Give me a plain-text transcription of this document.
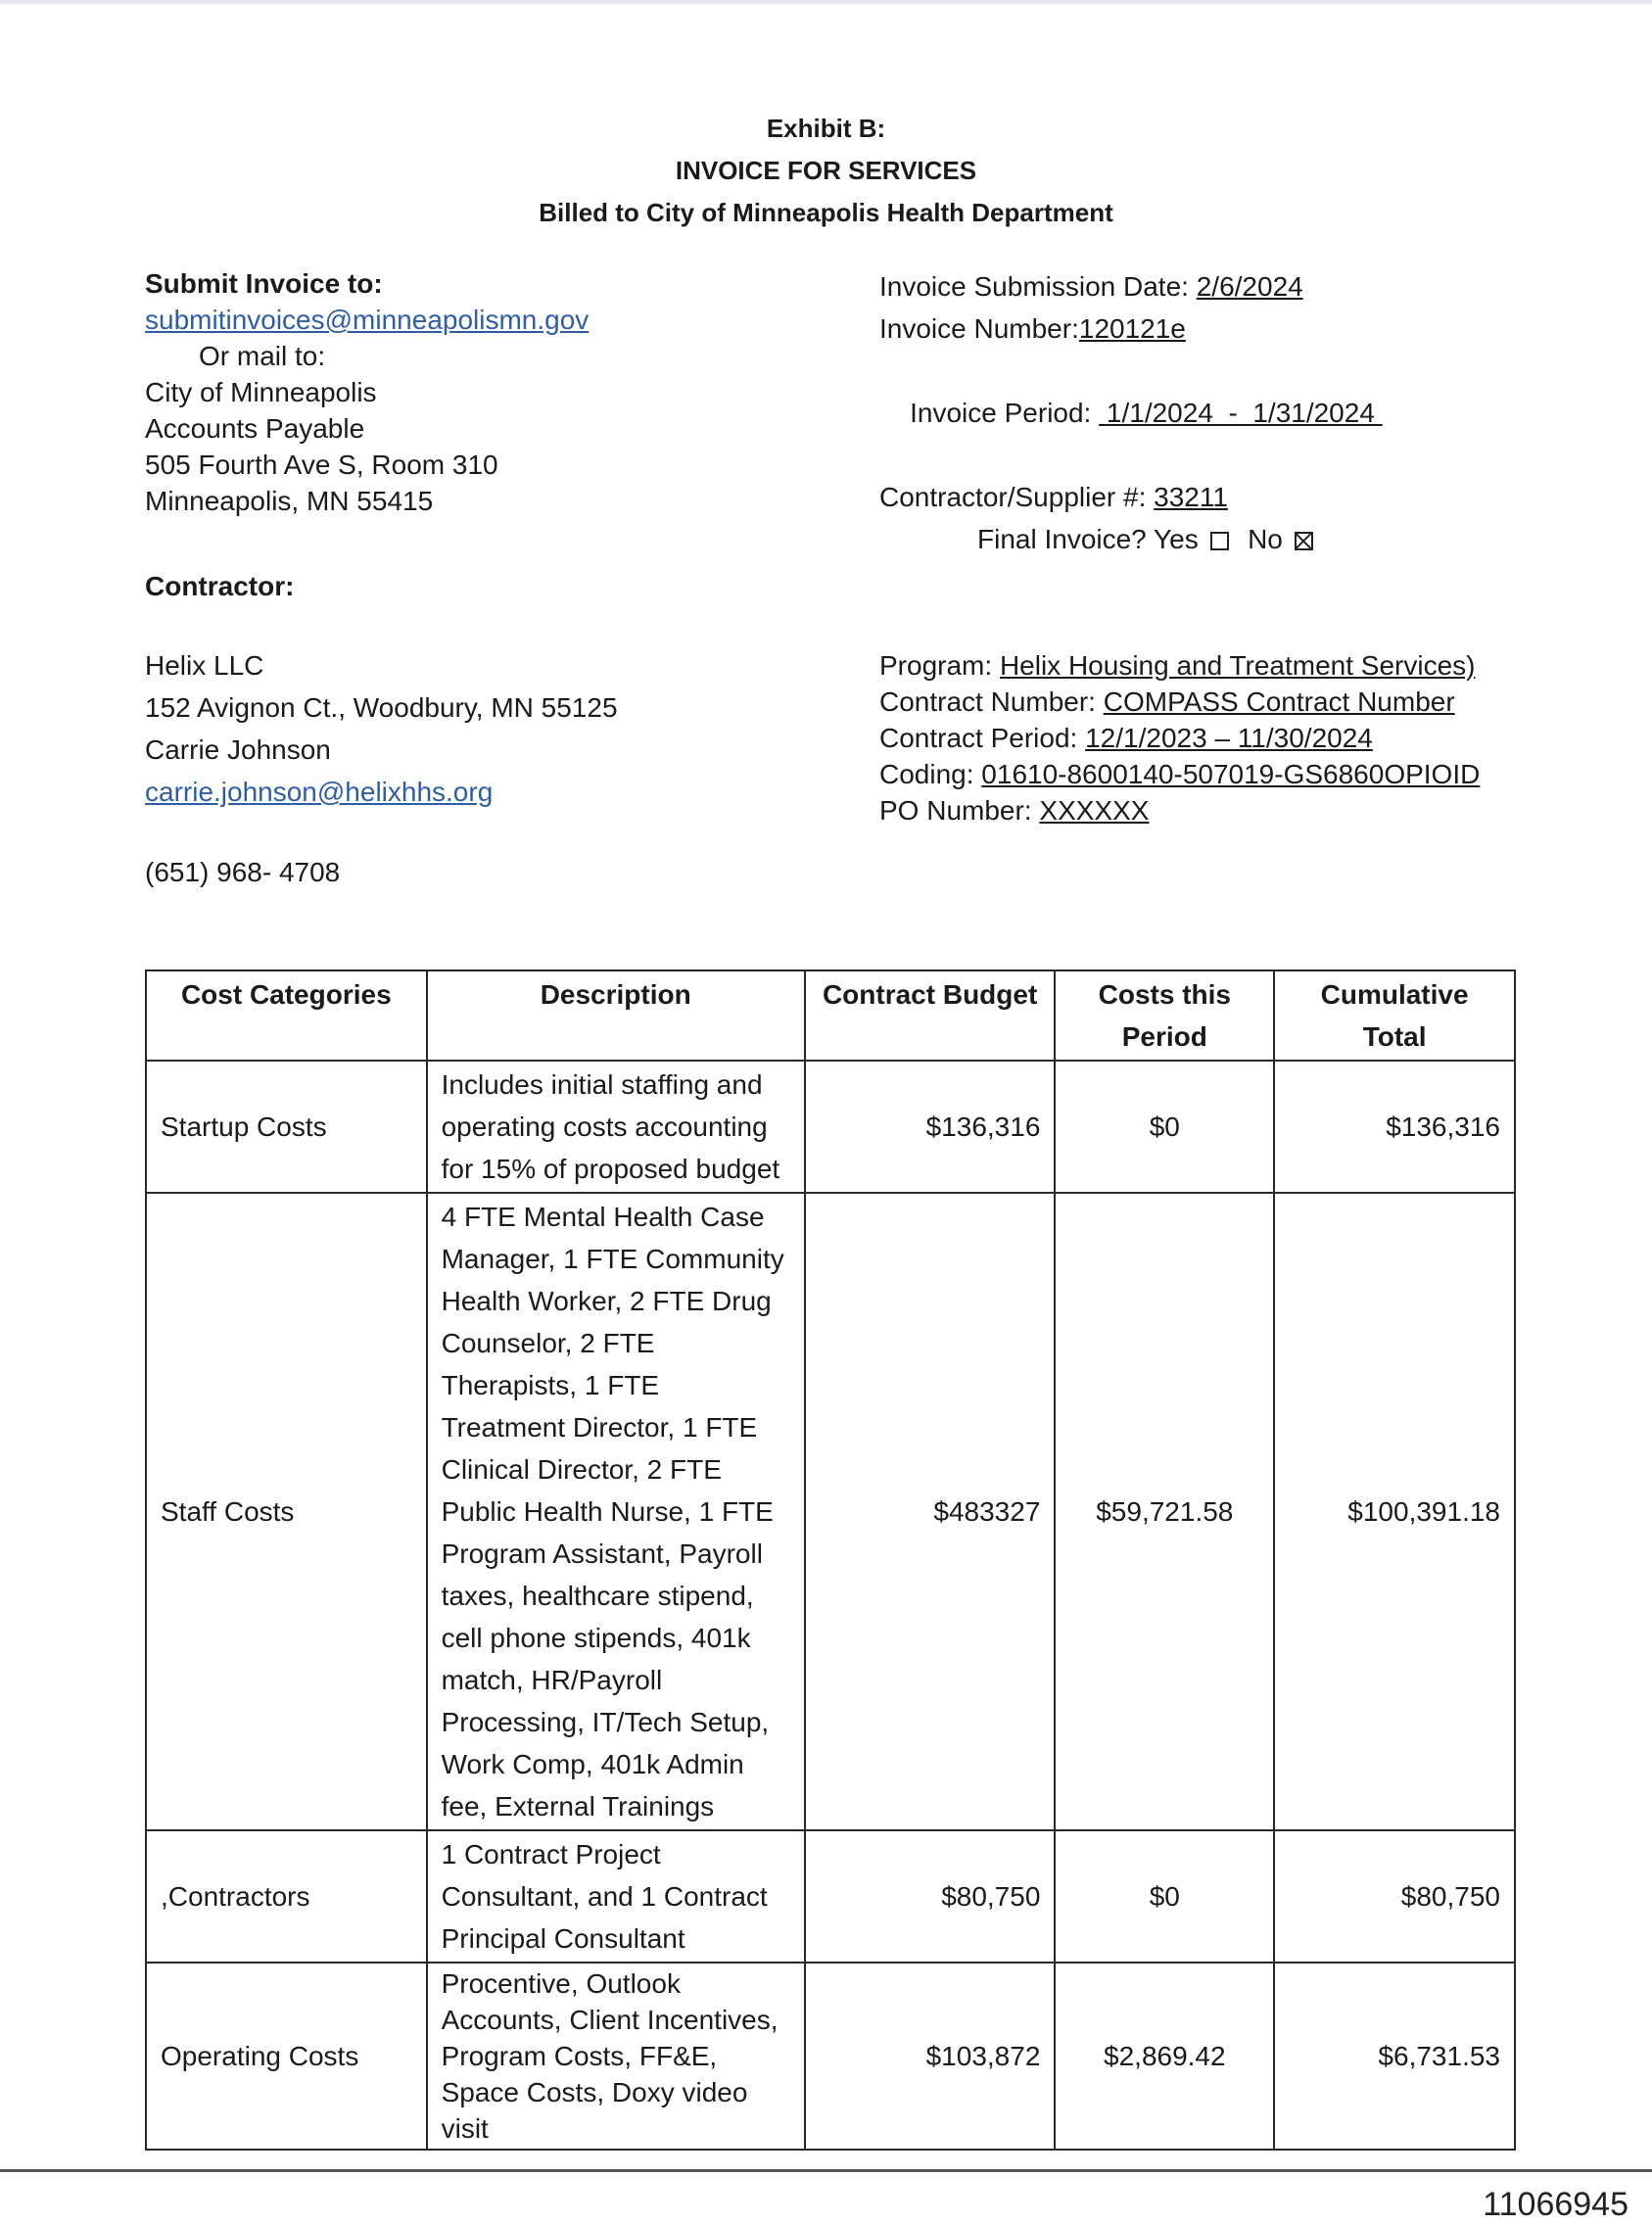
Exhibit B:
INVOICE FOR SERVICES
Billed to City of Minneapolis Health Department
Submit Invoice to:
submitinvoices@minneapolismn.gov
Or mail to:
City of Minneapolis
Accounts Payable
505 Fourth Ave S, Room 310
Minneapolis, MN 55415
Invoice Submission Date: 2/6/2024
Invoice Number:120121e

Invoice Period:  1/1/2024  -  1/31/2024

Contractor/Supplier #: 33211
Final Invoice? Yes No
Contractor:
Helix LLC
152 Avignon Ct., Woodbury, MN 55125
Carrie Johnson
carrie.johnson@helixhhs.org
(651) 968- 4708
Program: Helix Housing and Treatment Services)
Contract Number: COMPASS Contract Number
Contract Period: 12/1/2023 – 11/30/2024
Coding: 01610-8600140-507019-GS6860OPIOID
PO Number: XXXXXX
Cost Categories	Description	Contract Budget	Costs this Period	Cumulative Total
Startup Costs	Includes initial staffing and operating costs accounting for 15% of proposed budget	$136,316	$0	$136,316
Staff Costs	4 FTE Mental Health Case Manager, 1 FTE Community Health Worker, 2 FTE Drug Counselor, 2 FTE Therapists, 1 FTE Treatment Director, 1 FTE Clinical Director, 2 FTE Public Health Nurse, 1 FTE Program Assistant, Payroll taxes, healthcare stipend, cell phone stipends, 401k match, HR/Payroll Processing, IT/Tech Setup, Work Comp, 401k Admin fee, External Trainings	$483327	$59,721.58	$100,391.18
,Contractors	1 Contract Project Consultant, and 1 Contract Principal Consultant	$80,750	$0	$80,750
Operating Costs	Procentive, Outlook Accounts, Client Incentives, Program Costs, FF&E, Space Costs, Doxy video visit	$103,872	$2,869.42	$6,731.53
11066945
